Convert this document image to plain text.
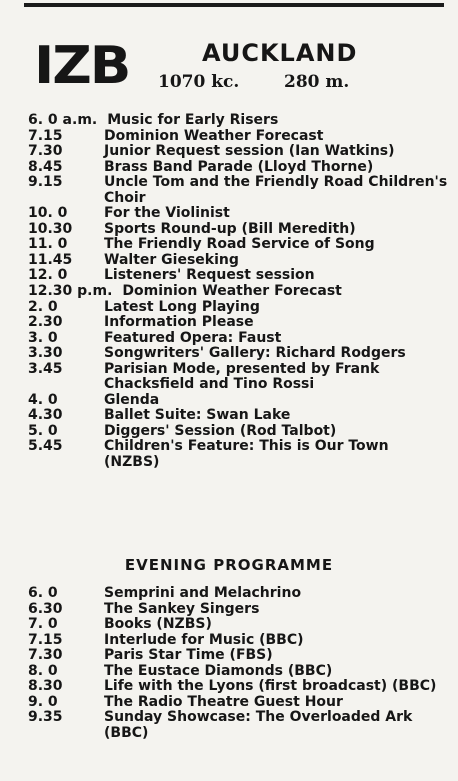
IZB	AUCKLAND
1070 kc.	280 m.
6. 0 a.m. Music for Early Risers
7.15	Dominion Weather Forecast
7.30	Junior Request session (Ian Watkins)
8.45	Brass Band Parade (Lloyd Thorne)
9.15	Uncle Tom and the Friendly Road Children's Choir
10. 0	For the Violinist
10.30 Sports Round-up (Bill Meredith)
11. 0	The Friendly Road Service of Song
11.45 Walter Gieseking
12. 0	Listeners' Request session
12.30 p.m. Dominion Weather Forecast
2. 0	Latest Long Playing
2.30	Information Please
3. 0	Featured Opera: Faust
3.30	Songwriters' Gallery: Richard Rodgers
3.45	Parisian Mode, presented by Frank Chacksfield and Tino Rossi
4. 0	Glenda
4.30	Ballet Suite: Swan Lake
5. 0	Diggers' Session (Rod Talbot)
5.45	Children's Feature: This is Our Town (NZBS)
EVENING PROGRAMME
6. 0	Semprini and Melachrino
6.30	The Sankey Singers
7. 0	Books (NZBS)
7.15	Interlude for Music (BBC)
7.30	Paris Star Time (FBS)
8. 0	The Eustace Diamonds (BBC)
8.30	Life with the Lyons (first broadcast) (BBC)
9. 0	The Radio Theatre Guest Hour
9.35	Sunday Showcase: The Overloaded Ark (BBC)
